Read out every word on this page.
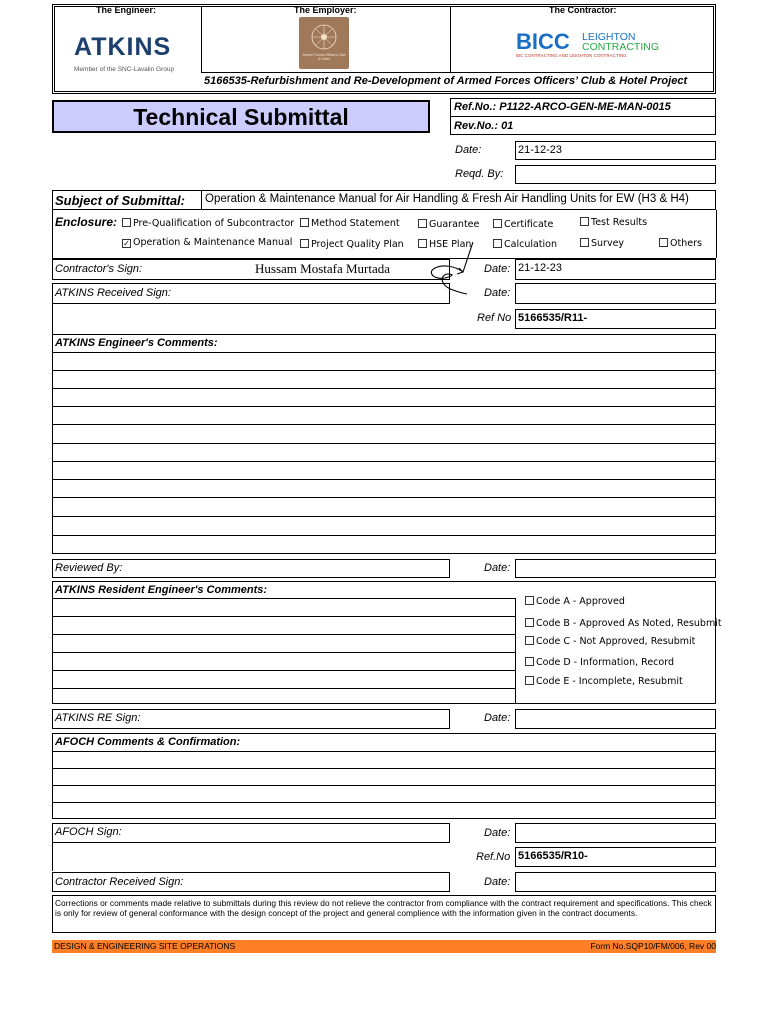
The Engineer:	The Employer:	The Contractor:
ATKINS
Member of the SNC-Lavalin Group
Armed Forces Officers Club & Hotel
BICC LEIGHTON
CONTRACTING
BIC CONTRACTING AND LEIGHTON CONTRACTING
5166535-Refurbishment and Re-Development of Armed Forces Officers’ Club & Hotel Project
Technical Submittal	Ref.No.: P1122-ARCO-GEN-ME-MAN-0015
Rev.No.: 01
Date:	21-12-23
Reqd. By:
Subject of Submittal: Operation & Maintenance Manual for Air Handling & Fresh Air Handling Units for EW (H3 & H4)
Enclosure:	Pre-Qualification of Subcontractor	Method Statement	Guarantee	Certificate	Test Results
✓ Operation & Maintenance Manual	Project Quality Plan	HSE Plan	Calculation	Survey	Others
Contractor's Sign:	Hussam Mostafa Murtada	Date: 21-12-23
ATKINS Received Sign:	Date:
Ref No 5166535/R11-
ATKINS Engineer's Comments:
Reviewed By:	Date:
ATKINS Resident Engineer's Comments:
Code A - Approved
Code B - Approved As Noted, Resubmit
Code C - Not Approved, Resubmit
Code D - Information, Record
Code E - Incomplete, Resubmit
ATKINS RE Sign:	Date:
AFOCH Comments & Confirmation:
AFOCH Sign:	Date:
Ref.No 5166535/R10-
Contractor Received Sign:	Date:
Corrections or comments made relative to submittals during this review do not relieve the contractor from compliance with the contract requirement and specifications. This check is only for review of general conformance with the design concept of the project and general complience with the information given in the contract documents.
DESIGN & ENGINEERING SITE OPERATIONS	Form No.SQP10/FM/006, Rev 00
